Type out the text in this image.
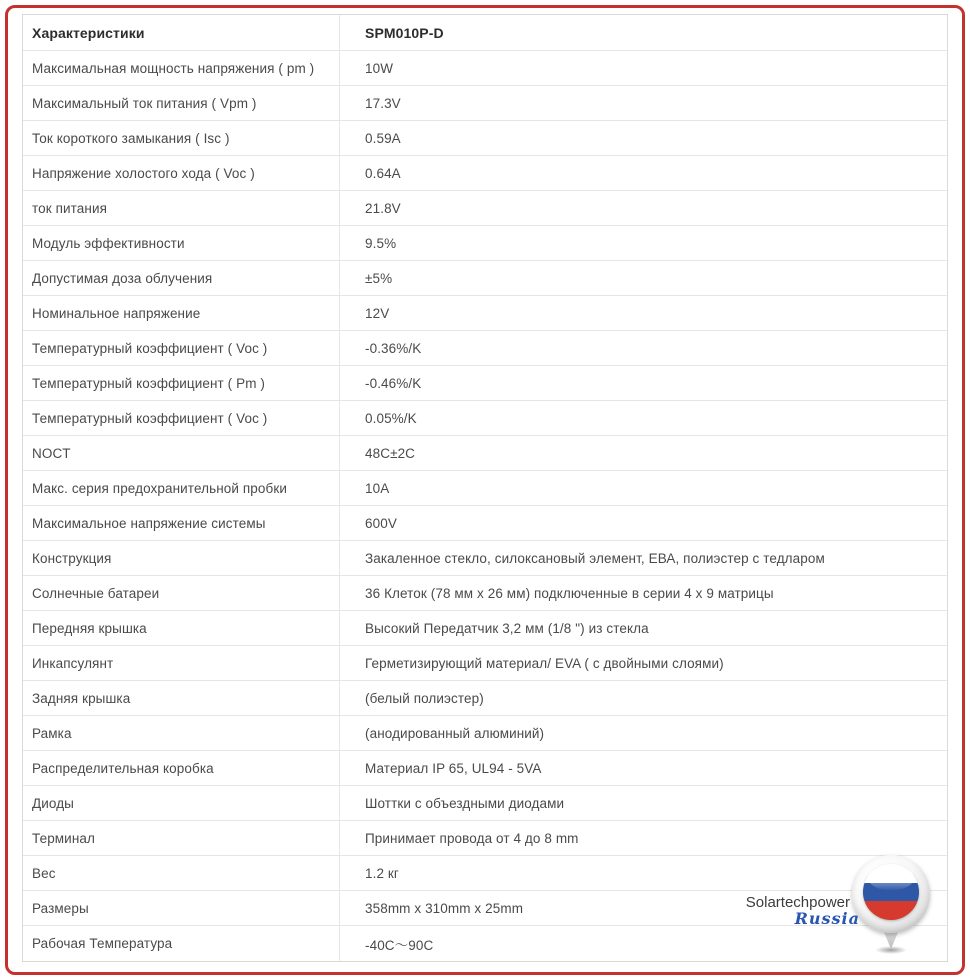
Характеристики	SPM010P-D
Максимальная мощность напряжения ( pm )	10W
Максимальный ток питания ( Vpm )	17.3V
Ток короткого замыкания ( Isc )	0.59A
Напряжение холостого хода ( Voc )	0.64A
ток питания	21.8V
Модуль эффективности	9.5%
Допустимая доза облучения	±5%
Номинальное напряжение	12V
Температурный коэффициент ( Voc )	-0.36%/K
Температурный коэффициент ( Pm )	-0.46%/K
Температурный коэффициент ( Voc )	0.05%/K
NOCT	48C±2C
Макс. серия предохранительной пробки	10A
Максимальное напряжение системы	600V
Конструкция	Закаленное стекло, силоксановый элемент, ЕВА, полиэстер с тедларом
Солнечные батареи	36 Клеток (78 мм x 26 мм) подключенные в серии 4 x 9 матрицы
Передняя крышка	Высокий Передатчик 3,2 мм (1/8 ") из стекла
Инкапсулянт	Герметизирующий материал/ EVA ( с двойными слоями)
Задняя крышка	(белый полиэстер)
Рамка	(анодированный алюминий)
Распределительная коробка	Материал IP 65, UL94 - 5VA
Диоды	Шоттки с объездными диодами
Терминал	Принимает провода от 4 до 8 mm
Вес	1.2 кг
Размеры	358mm x 310mm x 25mm
Рабочая Температура	-40C～90C
Solartechpower
Russia
